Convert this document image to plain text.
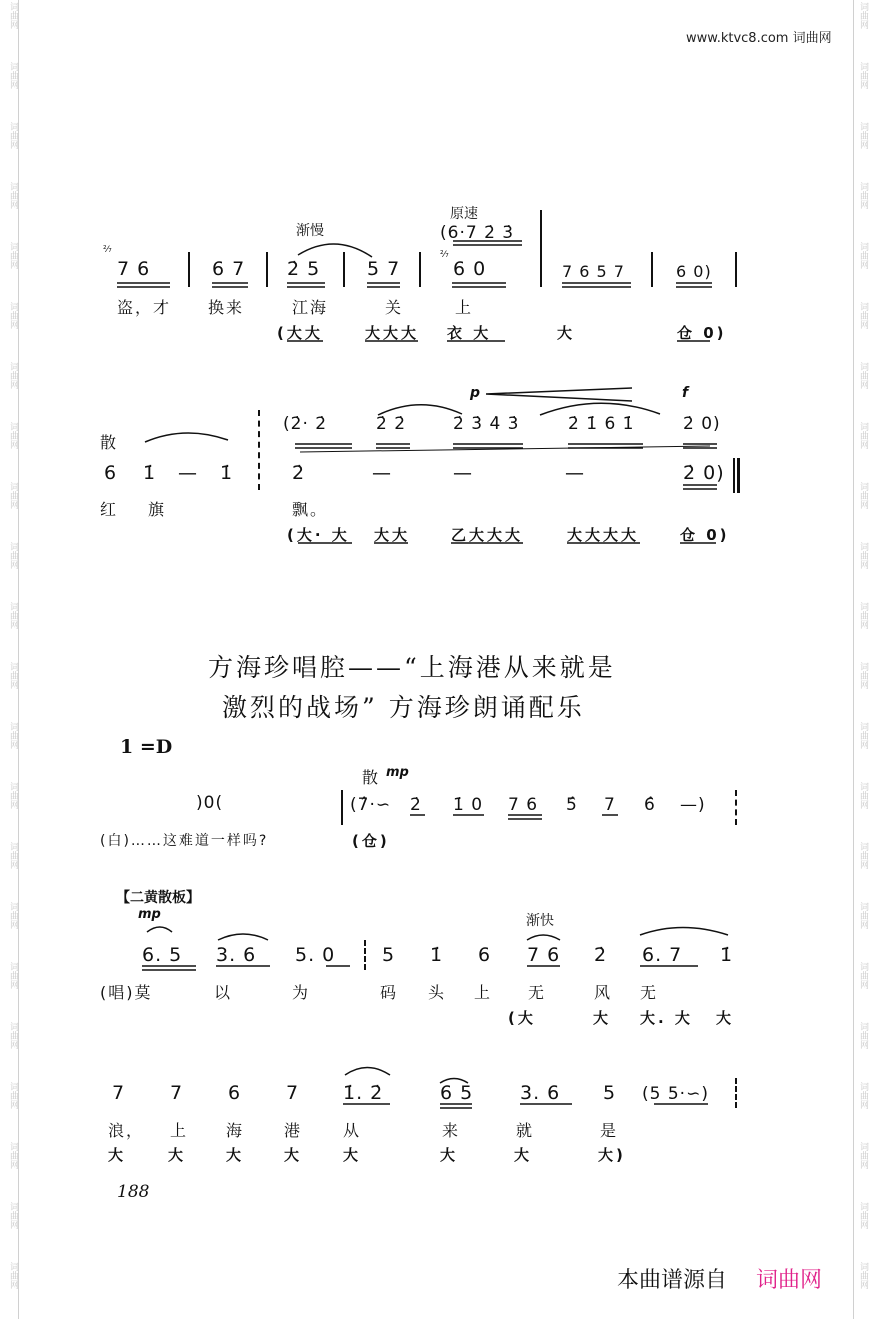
词曲网
词曲网
词曲网
词曲网
词曲网
词曲网
词曲网
词曲网
词曲网
词曲网
词曲网
词曲网
词曲网
词曲网
词曲网
词曲网
词曲网
词曲网
词曲网
词曲网
词曲网
词曲网
词曲网
词曲网
词曲网
词曲网
词曲网
词曲网
词曲网
词曲网
词曲网
词曲网
词曲网
词曲网
词曲网
词曲网
词曲网
词曲网
词曲网
词曲网
词曲网
词曲网
词曲网
词曲网
www.ktvc8.com 词曲网
渐慢
原速
(6·7 2̇ 3̇
²⁄₇
7 6	6 7 2̇ 5 5 7
²⁄₇
6 0	7 6 5 7	6 0)
盗，才 换来	江海	关	上
(大大	大大大 衣 大	大	仓 0)
p	f
(2̇· 2̇	2̇ 2̇	2̇ 3̇ 4̇ 3̇	2̇ 1̇ 6 1̇	2̇ 0)
散
6 1̇ — 1̇	2̇	—	—	—	2̇ 0)
红 旗	飘。
(大· 大 大大	乙大大大	大大大大	仓 0)
方海珍唱腔——“上海港从来就是
激烈的战场” 方海珍朗诵配乐
1 =D
散 mp
)0(	(7̂·∽ 2̇ 1̇ 0 7 6 5̂ 7 6̂ —)
(白)……这难道一样吗?	(仓)
【二黄散板】
mp	渐快
6. 5 3. 6 5. 0 5 1̇ 6 7 6 2̇ 6. 7 1̇
(唱)莫	以	为	码 头 上 无	风 无
(大	大 大. 大 大
7 7 6 7 1̇. 2̇	6 5 3. 6 5 (5 5·∽)
浪， 上 海 港	从	来	就	是
大	大	大	大	大	大	大	大)
188
本曲谱源自 词曲网
